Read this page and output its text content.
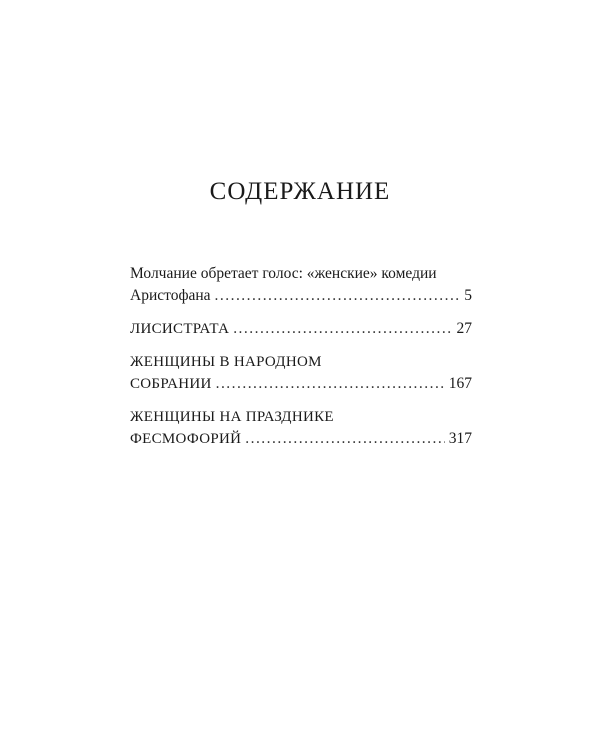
СОДЕРЖАНИЕ
Молчание обретает голос: «женские» комедии
Аристофана . . .	5
ЛИСИСТРАТА . . .	27
ЖЕНЩИНЫ В НАРОДНОМ
СОБРАНИИ . . .	167
ЖЕНЩИНЫ НА ПРАЗДНИКЕ
ФЕСМОФОРИЙ . . .	317
